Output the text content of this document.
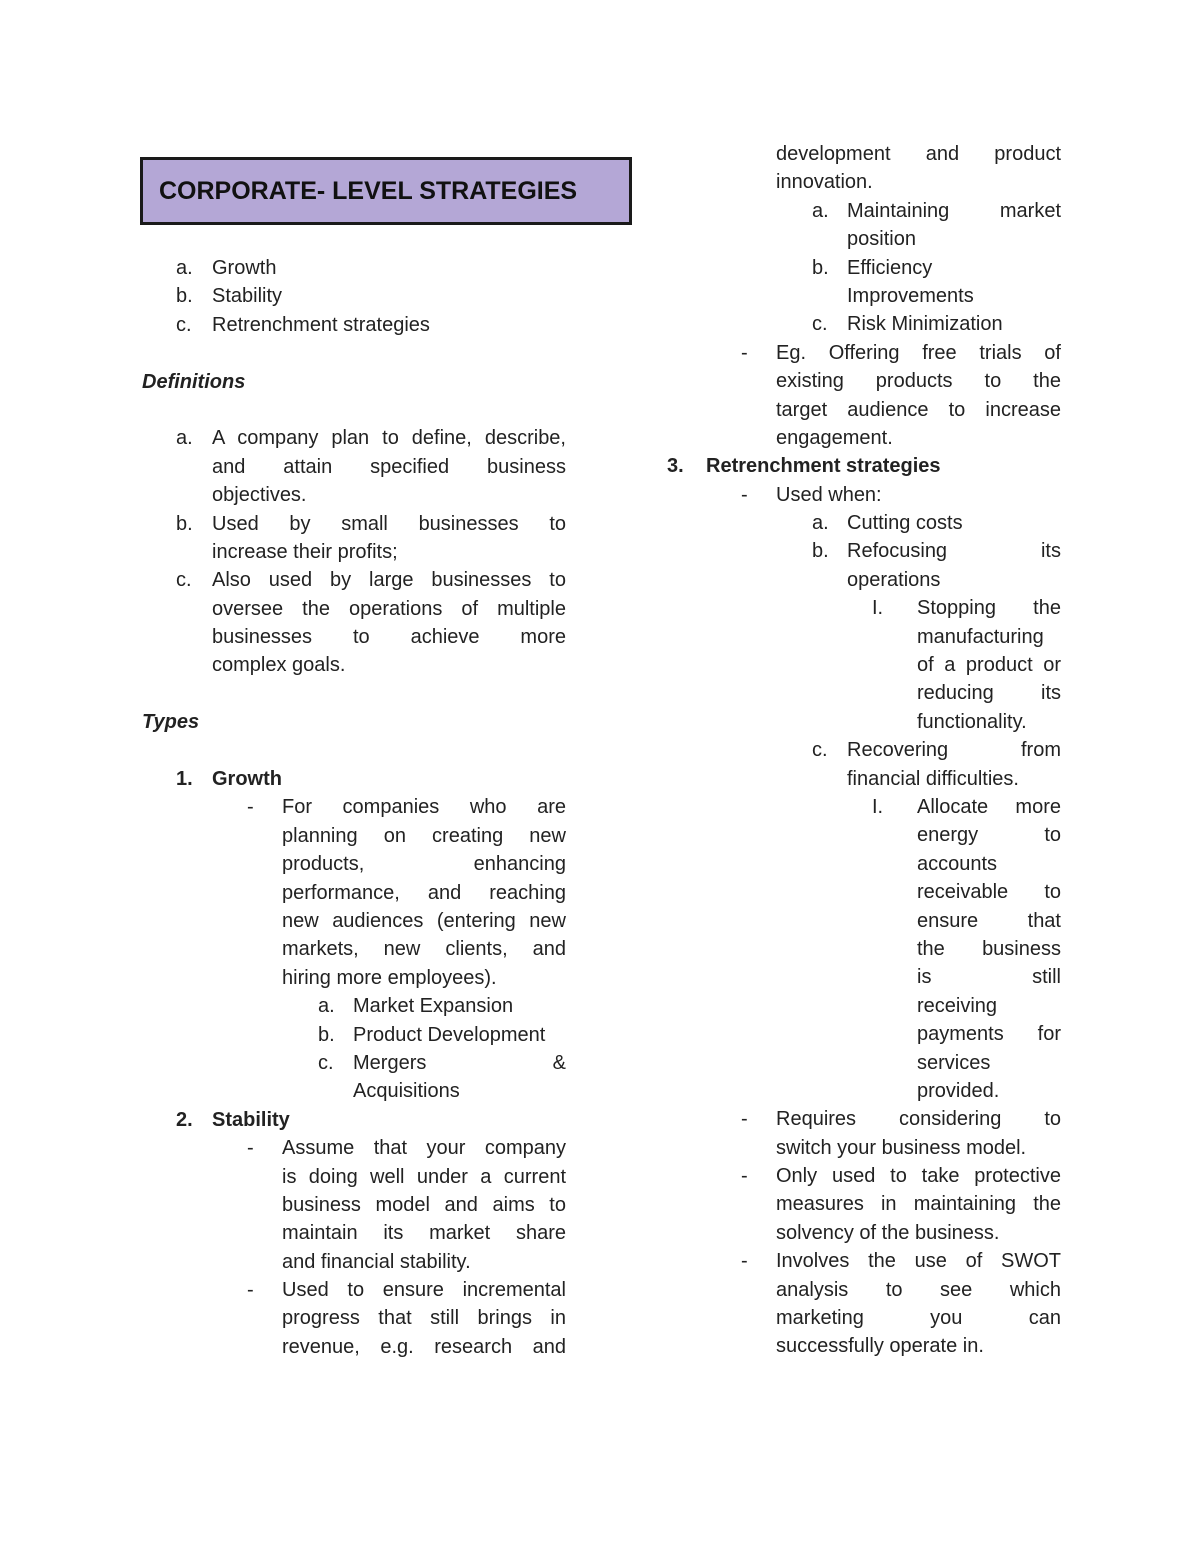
CORPORATE- LEVEL STRATEGIES
a. Growth
b. Stability
c. Retrenchment strategies
Definitions
a. A company plan to define, describe,
and attain specified business
objectives.
b. Used by small businesses to
increase their profits;
c. Also used by large businesses to
oversee the operations of multiple
businesses to achieve more
complex goals.
Types
1. Growth
- For companies who are
planning on creating new
products, enhancing
performance, and reaching
new audiences (entering new
markets, new clients, and
hiring more employees).
a. Market Expansion
b. Product Development
c. Mergers &
Acquisitions
2. Stability
- Assume that your company
is doing well under a current
business model and aims to
maintain its market share
and financial stability.
- Used to ensure incremental
progress that still brings in
revenue, e.g. research and
development and product
innovation.
a. Maintaining market
position
b. Efficiency
Improvements
c. Risk Minimization
- Eg. Offering free trials of
existing products to the
target audience to increase
engagement.
3. Retrenchment strategies
- Used when:
a. Cutting costs
b. Refocusing its
operations
I. Stopping the
manufacturing
of a product or
reducing its
functionality.
c. Recovering from
financial difficulties.
I. Allocate more
energy to
accounts
receivable to
ensure that
the business
is still
receiving
payments for
services
provided.
- Requires considering to
switch your business model.
- Only used to take protective
measures in maintaining the
solvency of the business.
- Involves the use of SWOT
analysis to see which
marketing you can
successfully operate in.
